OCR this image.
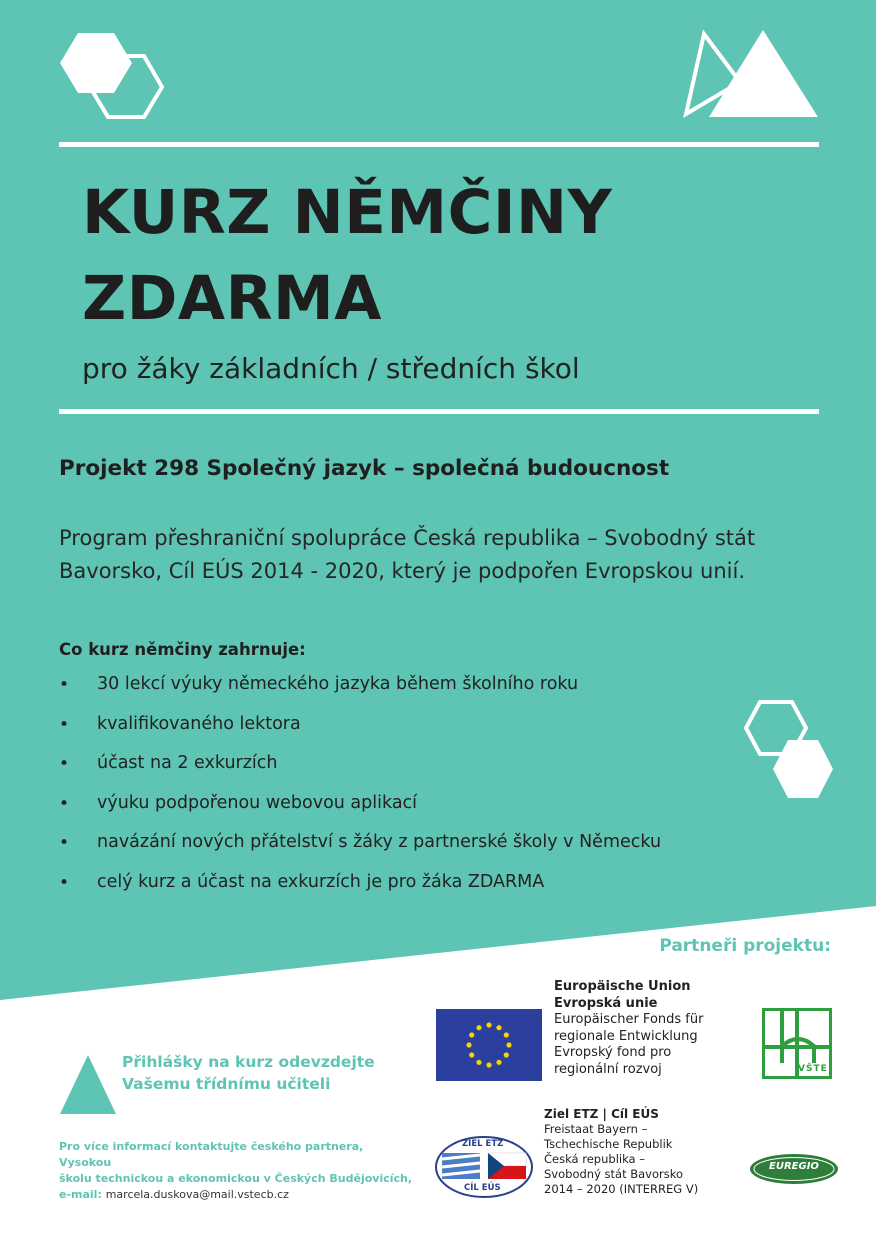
KURZ NĚMČINY
ZDARMA
pro žáky základních / středních škol
Projekt 298 Společný jazyk – společná budoucnost
Program přeshraniční spolupráce Česká republika – Svobodný stát
Bavorsko, Cíl EÚS 2014 - 2020, který je podpořen Evropskou unií.
Co kurz němčiny zahrnuje:
• 30 lekcí výuky německého jazyka během školního roku
• kvalifikovaného lektora
• účast na 2 exkurzích
• výuku podpořenou webovou aplikací
• navázání nových přátelství s žáky z partnerské školy v Německu
• celý kurz a účast na exkurzích je pro žáka ZDARMA
Partneři projektu:
Europäische Union
Evropská unie
Europäischer Fonds für
regionale Entwicklung
Evropský fond pro
regionální rozvoj	VŠTE
ZIEL ETZ
CÍL EÚS
Ziel ETZ | Cíl EÚS
Freistaat Bayern –
Tschechische Republik
Česká republika –
Svobodný stát Bavorsko
2014 – 2020 (INTERREG V)
EUREGIO
Přihlášky na kurz odevzdejte
Vašemu třídnímu učiteli
Pro více informací kontaktujte českého partnera, Vysokou
školu technickou a ekonomickou v Českých Budějovicích,
e-mail: marcela.duskova@mail.vstecb.cz
